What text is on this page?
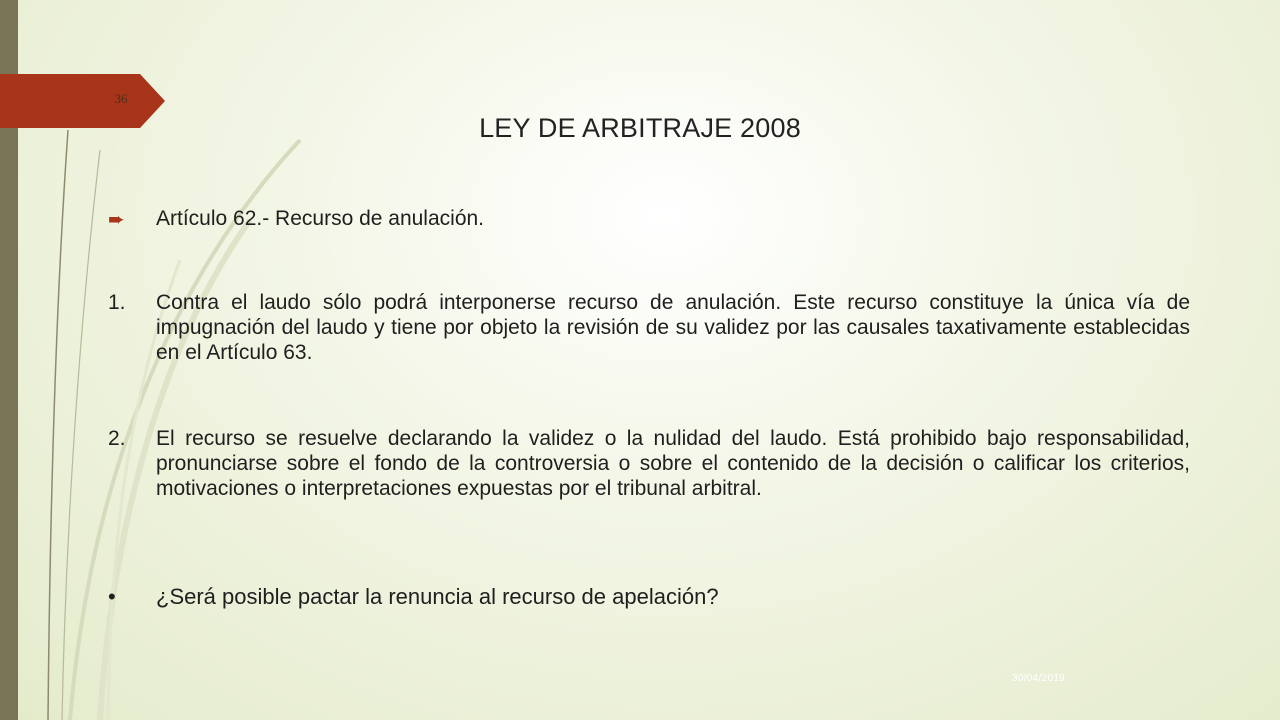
36
LEY DE ARBITRAJE 2008
➨	Artículo 62.- Recurso de anulación.
1.	Contra el laudo sólo podrá interponerse recurso de anulación. Este recurso constituye la única vía de impugnación del laudo y tiene por objeto la revisión de su validez por las causales taxativamente establecidas en el Artículo 63.
2.	El recurso se resuelve declarando la validez o la nulidad del laudo. Está prohibido bajo responsabilidad, pronunciarse sobre el fondo de la controversia o sobre el contenido de la decisión o calificar los criterios, motivaciones o interpretaciones expuestas por el tribunal arbitral.
•	¿Será posible pactar la renuncia al recurso de apelación?
30/04/2019
